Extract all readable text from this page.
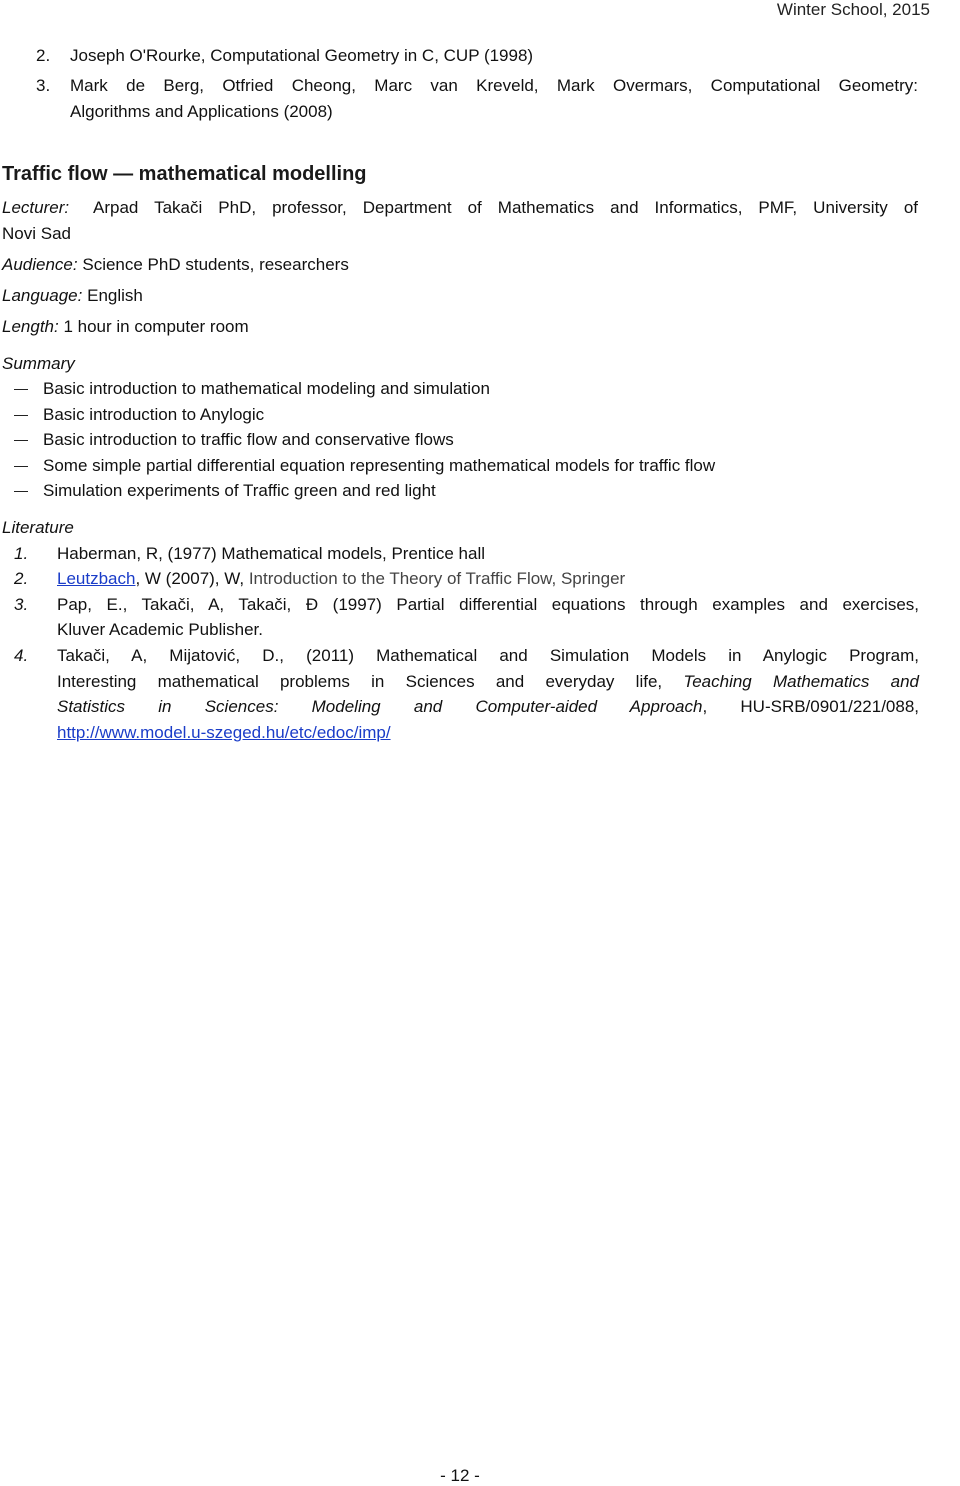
Winter School, 2015
2. Joseph O'Rourke, Computational Geometry in C, CUP (1998)
3. Mark de Berg, Otfried Cheong, Marc van Kreveld, Mark Overmars, Computational Geometry:
Algorithms and Applications (2008)
Traffic flow — mathematical modelling
Lecturer: Arpad Takači PhD, professor, Department of Mathematics and Informatics, PMF, University of
Novi Sad
Audience: Science PhD students, researchers
Language: English
Length: 1 hour in computer room
Summary
Basic introduction to mathematical modeling and simulation
Basic introduction to Anylogic
Basic introduction to traffic flow and conservative flows
Some simple partial differential equation representing mathematical models for traffic flow
Simulation experiments of Traffic green and red light
Literature
1. Haberman, R, (1977) Mathematical models, Prentice hall
2. Leutzbach, W (2007), W, Introduction to the Theory of Traffic Flow, Springer
3. Pap, E., Takači, A, Takači, Đ (1997) Partial differential equations through examples and exercises,
Kluver Academic Publisher.
4. Takači, A, Mijatović, D., (2011) Mathematical and Simulation Models in Anylogic Program,
Interesting mathematical problems in Sciences and everyday life, Teaching Mathematics and
Statistics in Sciences: Modeling and Computer-aided Approach, HU-SRB/0901/221/088,
http://www.model.u-szeged.hu/etc/edoc/imp/
- 12 -
